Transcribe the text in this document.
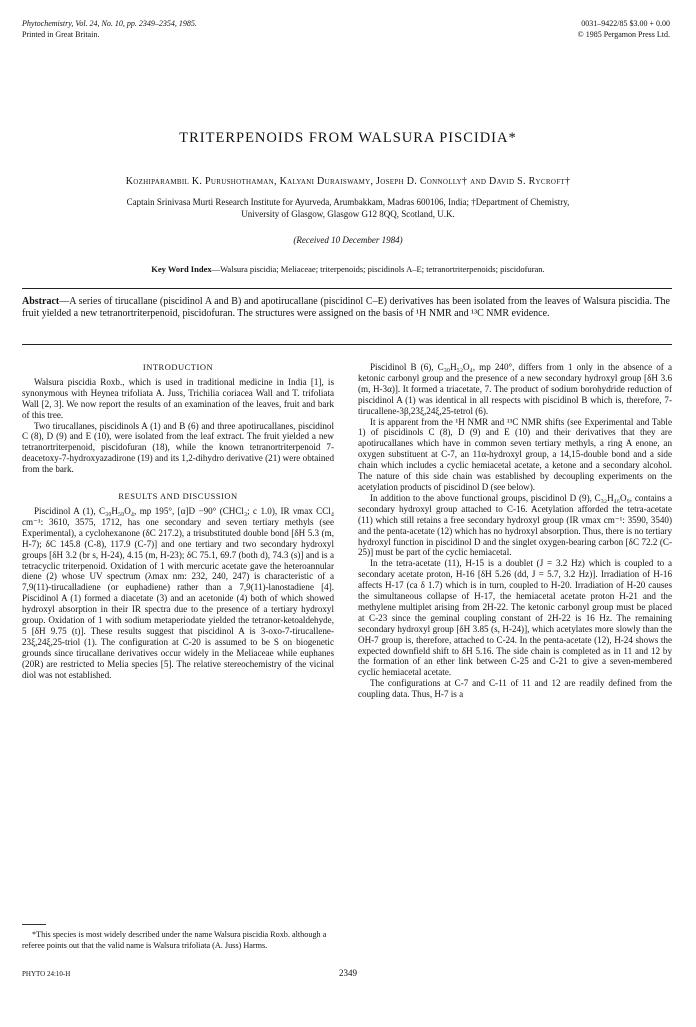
Phytochemistry, Vol. 24, No. 10, pp. 2349–2354, 1985.
Printed in Great Britain.
0031–9422/85 $3.00 + 0.00
© 1985 Pergamon Press Ltd.
TRITERPENOIDS FROM WALSURA PISCIDIA*
Kozhiparambil K. Purushothaman, Kalyani Duraiswamy, Joseph D. Connolly† and David S. Rycroft†
Captain Srinivasa Murti Research Institute for Ayurveda, Arumbakkam, Madras 600106, India; †Department of Chemistry,
University of Glasgow, Glasgow G12 8QQ, Scotland, U.K.
(Received 10 December 1984)
Key Word Index—Walsura piscidia; Meliaceae; triterpenoids; piscidinols A–E; tetranortriterpenoids; piscidofuran.
Abstract—A series of tirucallane (piscidinol A and B) and apotirucallane (piscidinol C–E) derivatives has been isolated from the leaves of Walsura piscidia. The fruit yielded a new tetranortriterpenoid, piscidofuran. The structures were assigned on the basis of ¹H NMR and ¹³C NMR evidence.

INTRODUCTION

Walsura piscidia Roxb., which is used in traditional medicine in India [1], is synonymous with Heynea trifoliata A. Juss, Trichilia coriacea Wall and T. trifoliata Wall [2, 3]. We now report the results of an examination of the leaves, fruit and bark of this tree.

Two tirucallanes, piscidinols A (1) and B (6) and three apotirucallanes, piscidinol C (8), D (9) and E (10), were isolated from the leaf extract. The fruit yielded a new tetranortriterpenoid, piscidofuran (18), while the known tetranortriterpenoid 7-deacetoxy-7-hydroxyazadirone (19) and its 1,2-dihydro derivative (21) were obtained from the bark.

RESULTS AND DISCUSSION

Piscidinol A (1), C₃₀H₅₀O₄, mp 195°, [α]D −90° (CHCl₃; c 1.0), IR νmax CCl₄ cm⁻¹: 3610, 3575, 1712, has one secondary and seven tertiary methyls (see Experimental), a cyclohexanone (δC 217.2), a trisubstituted double bond [δH 5.3 (m, H-7); δC 145.8 (C-8), 117.9 (C-7)] and one tertiary and two secondary hydroxyl groups [δH 3.2 (br s, H-24), 4.15 (m, H-23); δC 75.1, 69.7 (both d), 74.3 (s)] and is a tetracyclic triterpenoid. Oxidation of 1 with mercuric acetate gave the heteroannular diene (2) whose UV spectrum (λmax nm: 232, 240, 247) is characteristic of a 7,9(11)-tirucalladiene (or euphadiene) rather than a 7,9(11)-lanostadiene [4]. Piscidinol A (1) formed a diacetate (3) and an acetonide (4) both of which showed hydroxyl absorption in their IR spectra due to the presence of a tertiary hydroxyl group. Oxidation of 1 with sodium metaperiodate yielded the tetranor-ketoaldehyde, 5 [δH 9.75 (t)]. These results suggest that piscidinol A is 3-oxo-7-tirucallene-23ξ,24ξ,25-triol (1). The configuration at C-20 is assumed to be S on biogenetic grounds since tirucallane derivatives occur widely in the Meliaceae while euphanes (20R) are restricted to Melia species [5]. The relative stereochemistry of the vicinal diol was not established.

*This species is most widely described under the name Walsura piscidia Roxb. although a referee points out that the valid name is Walsura trifoliata (A. Juss) Harms.

Piscidinol B (6), C₃₀H₅₂O₄, mp 240°, differs from 1 only in the absence of a ketonic carbonyl group and the presence of a new secondary hydroxyl group [δH 3.6 (m, H-3α)]. It formed a triacetate, 7. The product of sodium borohydride reduction of piscidinol A (1) was identical in all respects with piscidinol B which is, therefore, 7-tirucallene-3β,23ξ,24ξ,25-tetrol (6).

It is apparent from the ¹H NMR and ¹³C NMR shifts (see Experimental and Table 1) of piscidinols C (8), D (9) and E (10) and their derivatives that they are apotirucallanes which have in common seven tertiary methyls, a ring A enone, an oxygen substituent at C-7, an 11α-hydroxyl group, a 14,15-double bond and a side chain which includes a cyclic hemiacetal acetate, a ketone and a secondary alcohol. The nature of this side chain was established by decoupling experiments on the acetylation products of piscidinol D (see below).

In addition to the above functional groups, piscidinol D (9), C₃₂H₄₆O₉, contains a secondary hydroxyl group attached to C-16. Acetylation afforded the tetra-acetate (11) which still retains a free secondary hydroxyl group (IR νmax cm⁻¹: 3590, 3540) and the penta-acetate (12) which has no hydroxyl absorption. Thus, there is no tertiary hydroxyl function in piscidinol D and the singlet oxygen-bearing carbon [δC 72.2 (C-25)] must be part of the cyclic hemiacetal.

In the tetra-acetate (11), H-15 is a doublet (J = 3.2 Hz) which is coupled to a secondary acetate proton, H-16 [δH 5.26 (dd, J = 5.7, 3.2 Hz)]. Irradiation of H-16 affects H-17 (cа δ 1.7) which is in turn, coupled to H-20. Irradiation of H-20 causes the simultaneous collapse of H-17, the hemiacetal acetate proton H-21 and the methylene multiplet arising from 2H-22. The ketonic carbonyl group must be placed at C-23 since the geminal coupling constant of 2H-22 is 16 Hz. The remaining secondary hydroxyl group [δH 3.85 (s, H-24)], which acetylates more slowly than the OH-7 group is, therefore, attached to C-24. In the penta-acetate (12), H-24 shows the expected downfield shift to δH 5.16. The side chain is completed as in 11 and 12 by the formation of an ether link between C-25 and C-21 to give a seven-membered cyclic hemiacetal acetate.

The configurations at C-7 and C-11 of 11 and 12 are readily defined from the coupling data. Thus, H-7 is a

PHYTO 24:10-H	2349
